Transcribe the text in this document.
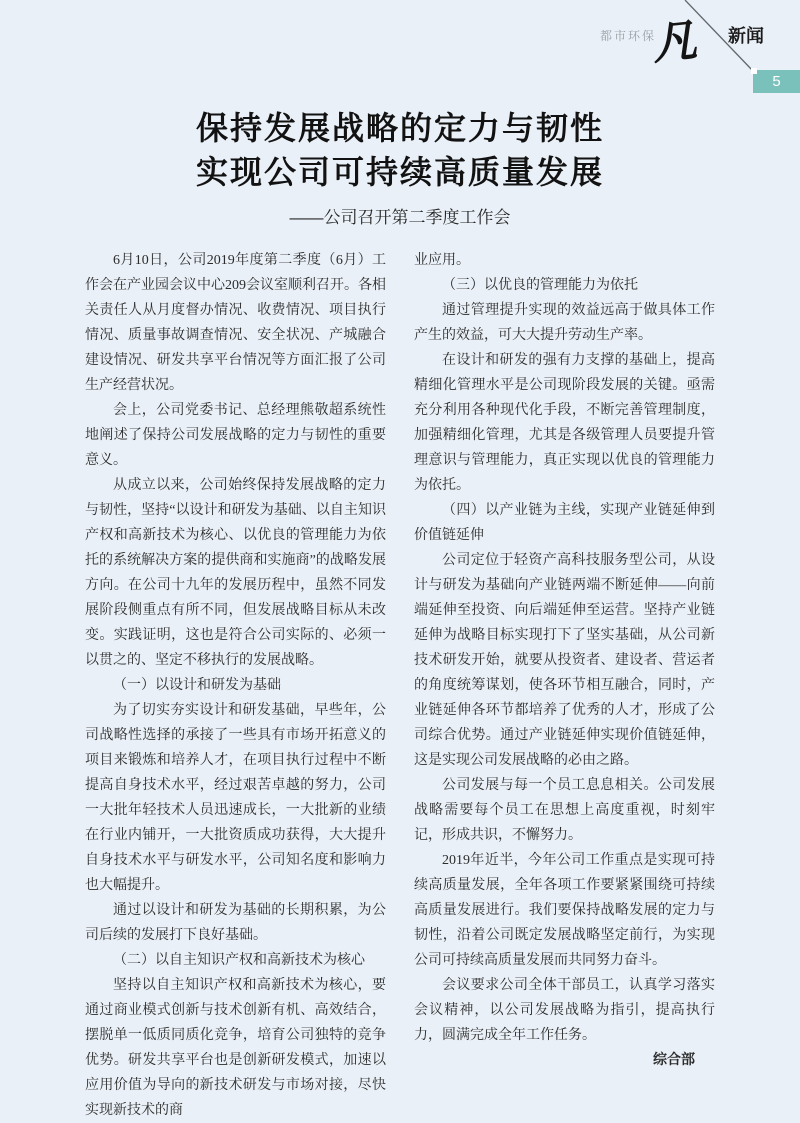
都市环保
凡 新闻
5
保持发展战略的定力与韧性
实现公司可持续高质量发展
——公司召开第二季度工作会

6月10日，公司2019年度第二季度（6月）工作会在产业园会议中心209会议室顺利召开。各相关责任人从月度督办情况、收费情况、项目执行情况、质量事故调查情况、安全状况、产城融合建设情况、研发共享平台情况等方面汇报了公司生产经营状况。

会上，公司党委书记、总经理熊敬超系统性地阐述了保持公司发展战略的定力与韧性的重要意义。

从成立以来，公司始终保持发展战略的定力与韧性，坚持“以设计和研发为基础、以自主知识产权和高新技术为核心、以优良的管理能力为依托的系统解决方案的提供商和实施商”的战略发展方向。在公司十九年的发展历程中，虽然不同发展阶段侧重点有所不同，但发展战略目标从未改变。实践证明，这也是符合公司实际的、必须一以贯之的、坚定不移执行的发展战略。

（一）以设计和研发为基础

为了切实夯实设计和研发基础，早些年，公司战略性选择的承接了一些具有市场开拓意义的项目来锻炼和培养人才，在项目执行过程中不断提高自身技术水平，经过艰苦卓越的努力，公司一大批年轻技术人员迅速成长，一大批新的业绩在行业内铺开，一大批资质成功获得，大大提升自身技术水平与研发水平，公司知名度和影响力也大幅提升。

通过以设计和研发为基础的长期积累，为公司后续的发展打下良好基础。

（二）以自主知识产权和高新技术为核心

坚持以自主知识产权和高新技术为核心，要通过商业模式创新与技术创新有机、高效结合，摆脱单一低质同质化竞争，培育公司独特的竞争优势。研发共享平台也是创新研发模式，加速以应用价值为导向的新技术研发与市场对接，尽快实现新技术的商

业应用。

（三）以优良的管理能力为依托

通过管理提升实现的效益远高于做具体工作产生的效益，可大大提升劳动生产率。

在设计和研发的强有力支撑的基础上，提高精细化管理水平是公司现阶段发展的关键。亟需充分利用各种现代化手段，不断完善管理制度，加强精细化管理，尤其是各级管理人员要提升管理意识与管理能力，真正实现以优良的管理能力为依托。

（四）以产业链为主线，实现产业链延伸到价值链延伸

公司定位于轻资产高科技服务型公司，从设计与研发为基础向产业链两端不断延伸——向前端延伸至投资、向后端延伸至运营。坚持产业链延伸为战略目标实现打下了坚实基础，从公司新技术研发开始，就要从投资者、建设者、营运者的角度统筹谋划，使各环节相互融合，同时，产业链延伸各环节都培养了优秀的人才，形成了公司综合优势。通过产业链延伸实现价值链延伸，这是实现公司发展战略的必由之路。

公司发展与每一个员工息息相关。公司发展战略需要每个员工在思想上高度重视，时刻牢记，形成共识，不懈努力。

2019年近半，今年公司工作重点是实现可持续高质量发展，全年各项工作要紧紧围绕可持续高质量发展进行。我们要保持战略发展的定力与韧性，沿着公司既定发展战略坚定前行，为实现公司可持续高质量发展而共同努力奋斗。

会议要求公司全体干部员工，认真学习落实会议精神，以公司发展战略为指引，提高执行力，圆满完成全年工作任务。

综合部
